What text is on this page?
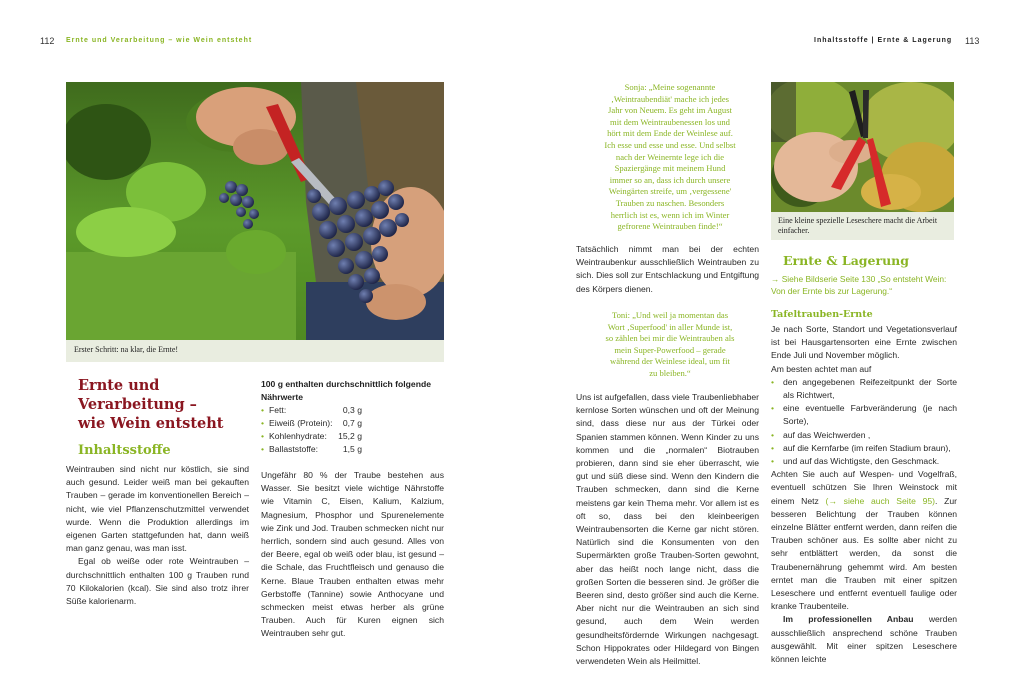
112 Ernte und Verarbeitung – wie Wein entsteht	Inhaltsstoffe | Ernte & Lagerung 113
Erster Schritt: na klar, die Ernte!
Eine kleine spezielle Leseschere macht die Arbeit einfacher.
Ernte und
Verarbeitung –
wie Wein entsteht
Inhaltsstoffe

Weintrauben sind nicht nur köstlich, sie sind auch gesund. Leider weiß man bei gekauften Trauben – gerade im konventionellen Bereich – nicht, wie viel Pflanzenschutzmittel verwendet wurde. Wenn die Produktion allerdings im eigenen Garten stattgefunden hat, dann weiß man ganz genau, was man isst.

Egal ob weiße oder rote Weintrauben – durchschnittlich enthalten 100 g Trauben rund 70 Kilokalorien (kcal). Sie sind also trotz ihrer Süße kalorienarm.

100 g enthalten durchschnittlich folgende Nährwerte
• Fett:	0,3 g
• Eiweiß (Protein): 0,7 g
• Kohlenhydrate: 15,2 g
• Ballaststoffe:	1,5 g

Ungefähr 80 % der Traube bestehen aus Wasser. Sie besitzt viele wichtige Nährstoffe wie Vitamin C, Eisen, Kalium, Kalzium, Magnesium, Phosphor und Spurenelemente wie Zink und Jod. Trauben schmecken nicht nur herrlich, sondern sind auch gesund. Alles von der Beere, egal ob weiß oder blau, ist gesund – die Schale, das Fruchtfleisch und genauso die Kerne. Blaue Trauben enthalten etwas mehr Gerbstoffe (Tannine) sowie Anthocyane und schmecken meist etwas herber als grüne Trauben. Auch für Kuren eignen sich Weintrauben sehr gut.

Sonja: „Meine sogenannte
‚Weintraubendiät' mache ich jedes
Jahr von Neuem. Es geht im August
mit dem Weintraubenessen los und
hört mit dem Ende der Weinlese auf.
Ich esse und esse und esse. Und selbst
nach der Weinernte lege ich die
Spaziergänge mit meinem Hund
immer so an, dass ich durch unsere
Weingärten streife, um ‚vergessene'
Trauben zu naschen. Besonders
herrlich ist es, wenn ich im Winter
gefrorene Weintrauben finde!“

Tatsächlich nimmt man bei der echten Weintraubenkur ausschließlich Weintrauben zu sich. Dies soll zur Entschlackung und Entgiftung des Körpers dienen.

Toni: „Und weil ja momentan das
Wort ‚Superfood' in aller Munde ist,
so zählen bei mir die Weintrauben als
mein Super-Powerfood – gerade
während der Weinlese ideal, um fit
zu bleiben.“

Uns ist aufgefallen, dass viele Traubenliebhaber kernlose Sorten wünschen und oft der Meinung sind, dass diese nur aus der Türkei oder Spanien stammen können. Wenn Kinder zu uns kommen und die „normalen“ Biotrauben probieren, dann sind sie eher überrascht, wie gut und süß diese sind. Wenn den Kindern die Trauben schmecken, dann sind die Kerne meistens gar kein Thema mehr. Vor allem ist es oft so, dass bei den kleinbeerigen Weintraubensorten die Kerne gar nicht stören. Natürlich sind die Konsumenten von den Supermärkten große Trauben-Sorten gewohnt, aber das heißt noch lange nicht, dass die großen Sorten die besseren sind. Je größer die Beeren sind, desto größer sind auch die Kerne. Aber nicht nur die Weintrauben an sich sind gesund, auch dem Wein werden gesundheitsfördernde Wirkungen nachgesagt. Schon Hippokrates oder Hildegard von Bingen verwendeten Wein als Heilmittel.

Ernte & Lagerung
→ Siehe Bildserie Seite 130 „So entsteht Wein: Von der Ernte bis zur Lagerung.“
Tafeltrauben-Ernte

Je nach Sorte, Standort und Vegetationsverlauf ist bei Hausgartensorten eine Ernte zwischen Ende Juli und November möglich.

Am besten achtet man auf

• den angegebenen Reifezeitpunkt der Sorte als Richtwert,
• eine eventuelle Farbveränderung (je nach Sorte),
• auf das Weichwerden ,
• auf die Kernfarbe (im reifen Stadium braun),
• und auf das Wichtigste, den Geschmack.

Achten Sie auch auf Wespen- und Vogelfraß, eventuell schützen Sie Ihren Weinstock mit einem Netz (→ siehe auch Seite 95). Zur besseren Belichtung der Trauben können einzelne Blätter entfernt werden, dann reifen die Trauben schöner aus. Es sollte aber nicht zu sehr entblättert werden, da sonst die Traubenernährung gehemmt wird. Am besten erntet man die Trauben mit einer spitzen Leseschere und entfernt eventuell faulige oder kranke Traubenteile.

Im professionellen Anbau werden ausschließlich ansprechend schöne Trauben ausgewählt. Mit einer spitzen Leseschere können leichte
